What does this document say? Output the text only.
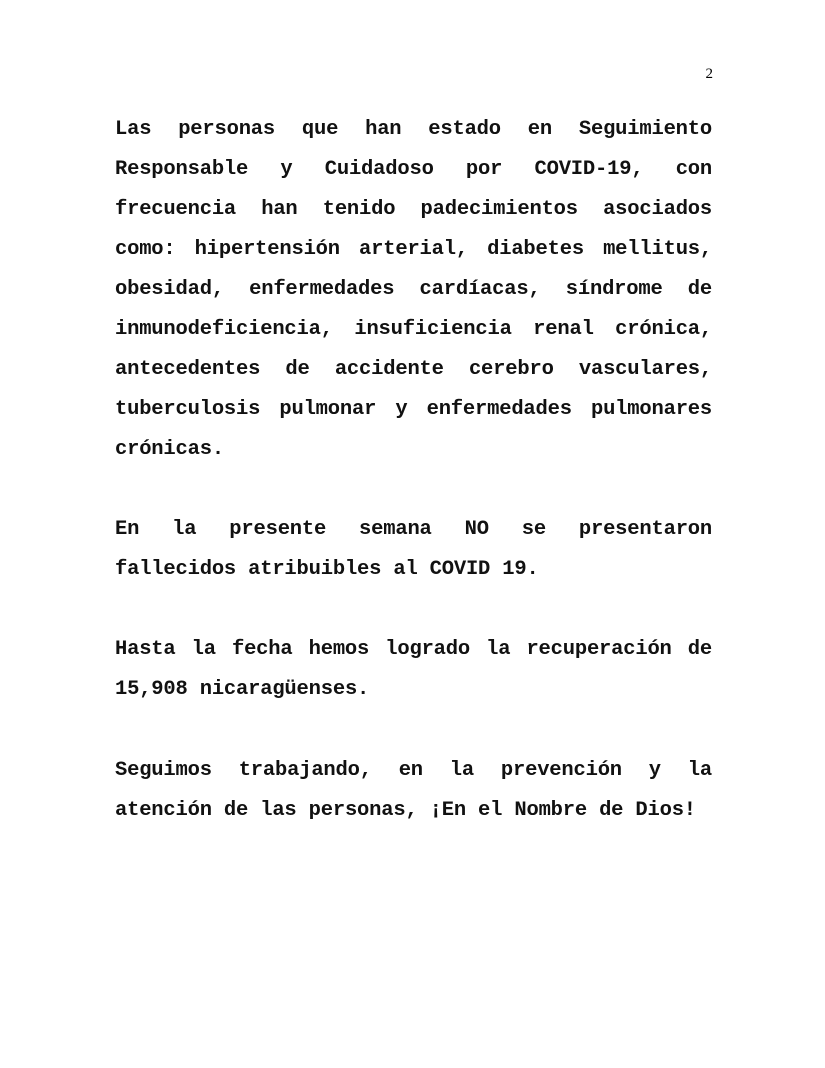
2

Las personas que han estado en Seguimiento Responsable y Cuidadoso por COVID-19, con frecuencia han tenido padecimientos asociados como: hipertensión arterial, diabetes mellitus, obesidad, enfermedades cardíacas, síndrome de inmunodeficiencia, insuficiencia renal crónica, antecedentes de accidente cerebro vasculares, tuberculosis pulmonar y enfermedades pulmonares crónicas.

En la presente semana NO se presentaron fallecidos atribuibles al COVID 19.

Hasta la fecha hemos logrado la recuperación de 15,908 nicaragüenses.

Seguimos trabajando, en la prevención y la atención de las personas, ¡En el Nombre de Dios!
